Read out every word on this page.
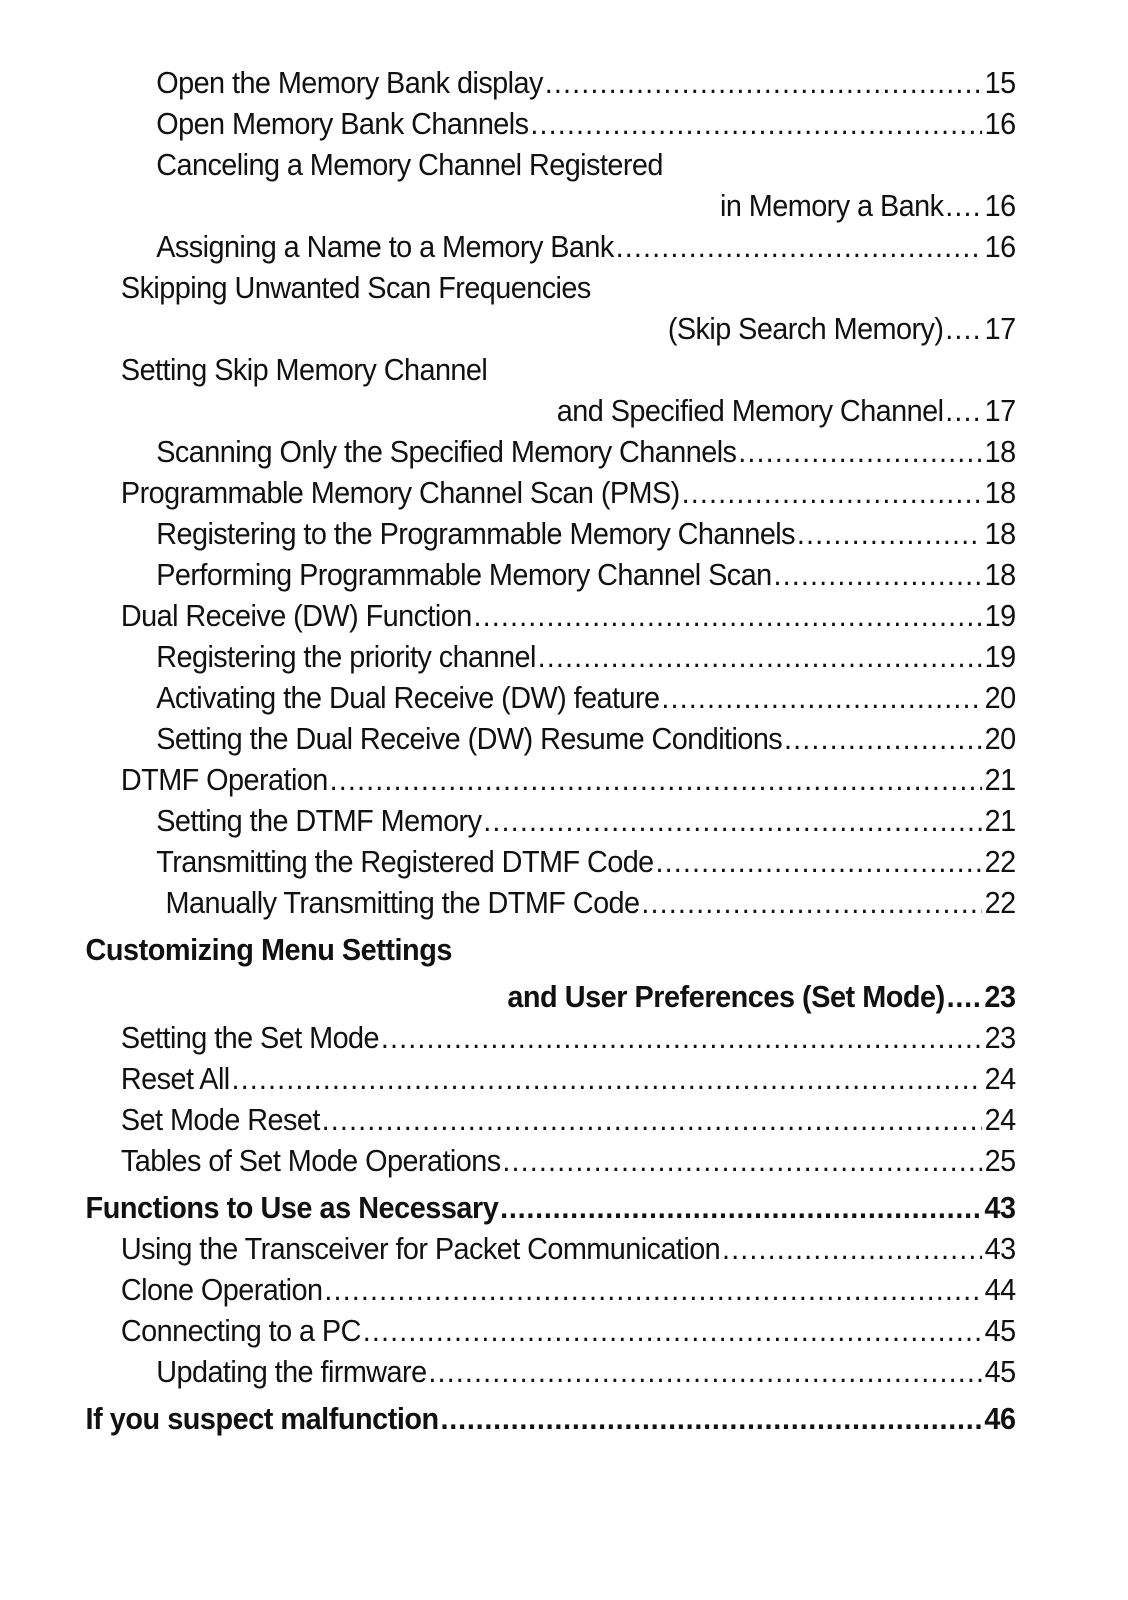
Open the Memory Bank display .....	15
Open Memory Bank Channels .....	16
Canceling a Memory Channel Registered
in Memory a Bank .... 16
Assigning a Name to a Memory Bank .....	16
Skipping Unwanted Scan Frequencies
(Skip Search Memory) .... 17
Setting Skip Memory Channel
and Specified Memory Channel .... 17
Scanning Only the Specified Memory Channels .....	18
Programmable Memory Channel Scan (PMS) .....	18
Registering to the Programmable Memory Channels .....	18
Performing Programmable Memory Channel Scan .....	18
Dual Receive (DW) Function .....	19
Registering the priority channel .....	19
Activating the Dual Receive (DW) feature .....	20
Setting the Dual Receive (DW) Resume Conditions .....	20
DTMF Operation .....	21
Setting the DTMF Memory .....	21
Transmitting the Registered DTMF Code .....	22
Manually Transmitting the DTMF Code .....	22
Customizing Menu Settings
and User Preferences (Set Mode) .... 23
Setting the Set Mode .....	23
Reset All .....	24
Set Mode Reset .....	24
Tables of Set Mode Operations .....	25
Functions to Use as Necessary .....	43
Using the Transceiver for Packet Communication .....	43
Clone Operation .....	44
Connecting to a PC .....	45
Updating the firmware .....	45
If you suspect malfunction .....	46
